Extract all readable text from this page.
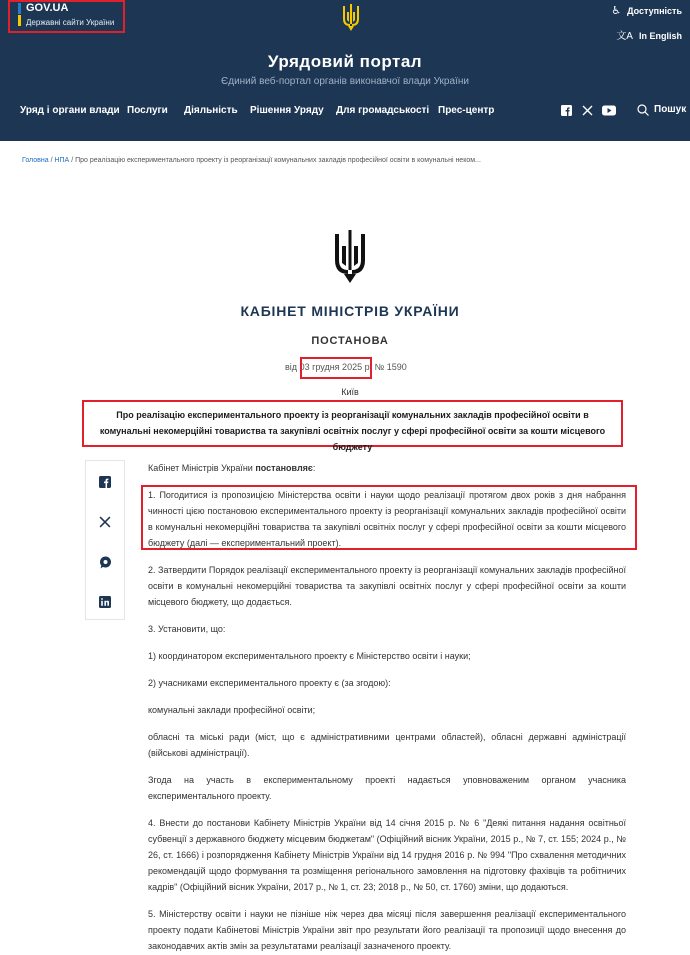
GOV.UA
Державні сайти України
♿ Доступність
文A In English
Урядовий портал
Єдиний веб-портал органів виконавчої влади України
Уряд і органи влади Послуги Діяльність Рішення Уряду Для громадськості Прес-центр	Пошук
Головна / НПА / Про реалізацію експериментального проекту із реорганізації комунальних закладів професійної освіти в комунальні неком...
КАБІНЕТ МІНІСТРІВ УКРАЇНИ
ПОСТАНОВА
від 03 грудня 2025 р. № 1590
Київ
Про реалізацію експериментального проекту із реорганізації комунальних закладів професійної освіти в комунальні некомерційні товариства та закупівлі освітніх послуг у сфері професійної освіти за кошти місцевого бюджету

Кабінет Міністрів України постановляє:

1. Погодитися із пропозицією Міністерства освіти і науки щодо реалізації протягом двох років з дня набрання чинності цією постановою експериментального проекту із реорганізації комунальних закладів професійної освіти в комунальні некомерційні товариства та закупівлі освітніх послуг у сфері професійної освіти за кошти місцевого бюджету (далі — експериментальний проект).

2. Затвердити Порядок реалізації експериментального проекту із реорганізації комунальних закладів професійної освіти в комунальні некомерційні товариства та закупівлі освітніх послуг у сфері професійної освіти за кошти місцевого бюджету, що додається.

3. Установити, що:

1) координатором експериментального проекту є Міністерство освіти і науки;

2) учасниками експериментального проекту є (за згодою):

комунальні заклади професійної освіти;

обласні та міські ради (міст, що є адміністративними центрами областей), обласні державні адміністрації (військові адміністрації).

Згода на участь в експериментальному проекті надається уповноваженим органом учасника експериментального проекту.

4. Внести до постанови Кабінету Міністрів України від 14 січня 2015 р. № 6 "Деякі питання надання освітньої субвенції з державного бюджету місцевим бюджетам" (Офіційний вісник України, 2015 р., № 7, ст. 155; 2024 р., № 26, ст. 1666) і розпорядження Кабінету Міністрів України від 14 грудня 2016 р. № 994 "Про схвалення методичних рекомендацій щодо формування та розміщення регіонального замовлення на підготовку фахівців та робітничих кадрів" (Офіційний вісник України, 2017 р., № 1, ст. 23; 2018 р., № 50, ст. 1760) зміни, що додаються.

5. Міністерству освіти і науки не пізніше ніж через два місяці після завершення реалізації експериментального проекту подати Кабінетові Міністрів України звіт про результати його реалізації та пропозиції щодо внесення до законодавчих актів змін за результатами реалізації зазначеного проекту.
